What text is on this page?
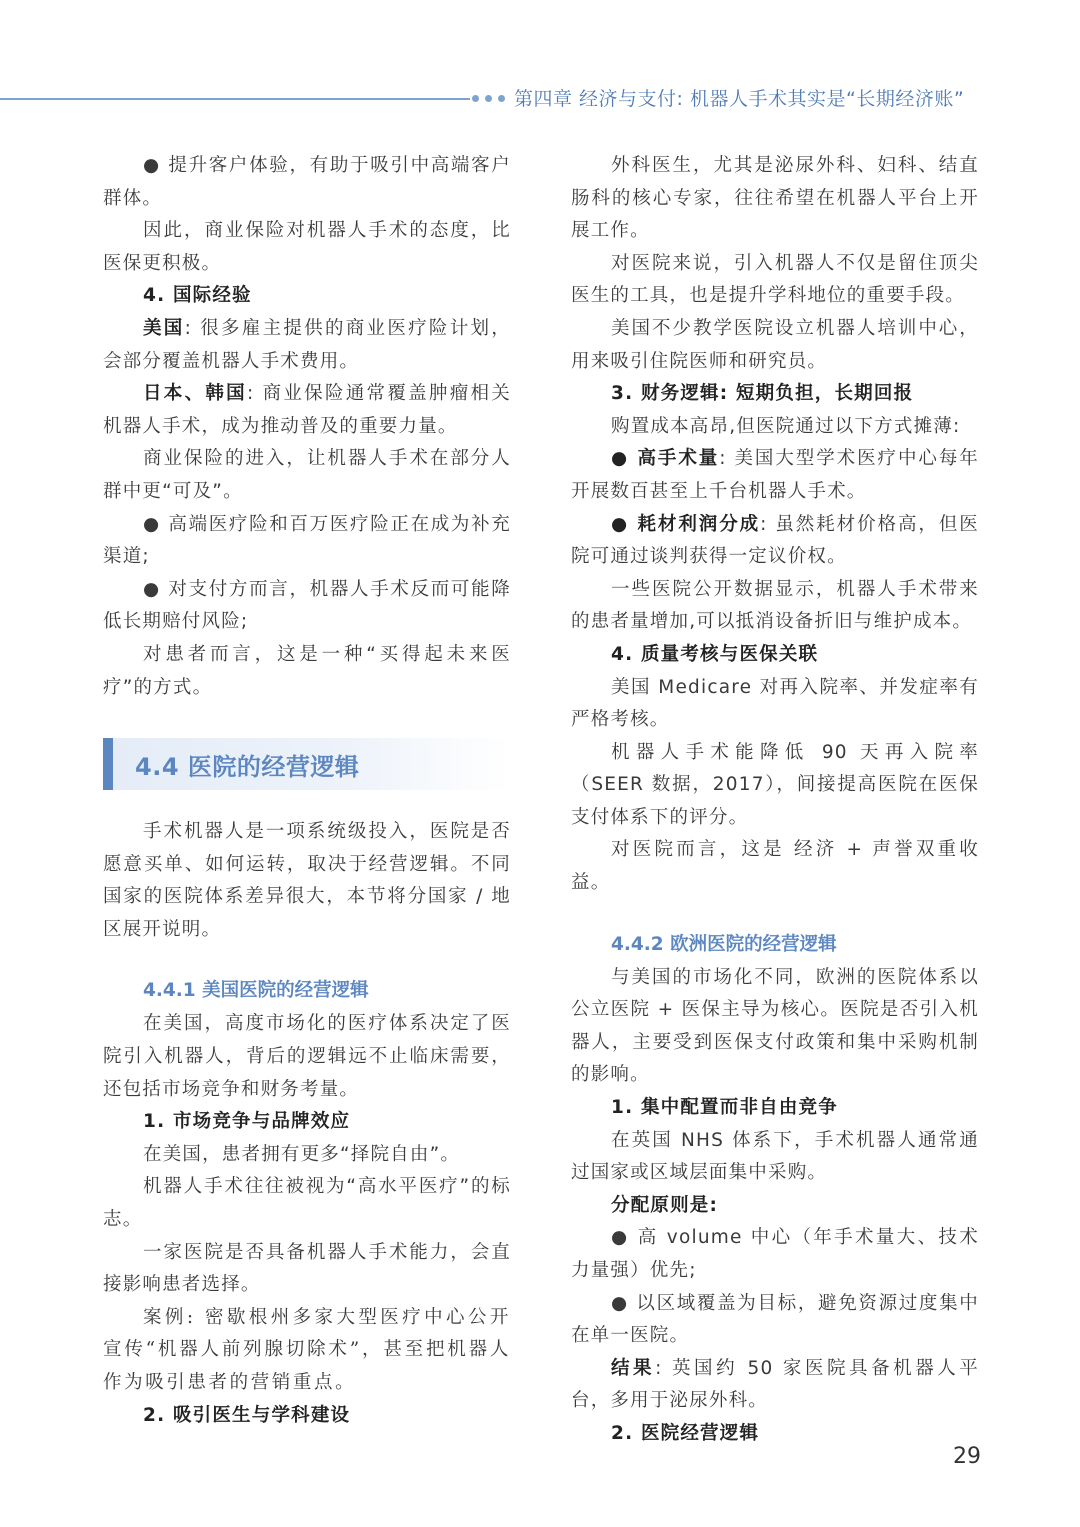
第四章 经济与支付: 机器人手术其实是“长期经济账”

● 提升客户体验，有助于吸引中高端客户群体。

因此，商业保险对机器人手术的态度，比医保更积极。

4. 国际经验

美国: 很多雇主提供的商业医疗险计划，会部分覆盖机器人手术费用。

日本、韩国: 商业保险通常覆盖肿瘤相关机器人手术，成为推动普及的重要力量。

商业保险的进入，让机器人手术在部分人群中更“可及”。

● 高端医疗险和百万医疗险正在成为补充渠道;

● 对支付方而言，机器人手术反而可能降低长期赔付风险;

对患者而言，这是一种“买得起未来医疗”的方式。

4.4 医院的经营逻辑

手术机器人是一项系统级投入，医院是否愿意买单、如何运转，取决于经营逻辑。不同国家的医院体系差异很大，本节将分国家 / 地区展开说明。

4.4.1 美国医院的经营逻辑

在美国，高度市场化的医疗体系决定了医院引入机器人，背后的逻辑远不止临床需要，还包括市场竞争和财务考量。

1. 市场竞争与品牌效应

在美国，患者拥有更多“择院自由”。

机器人手术往往被视为“高水平医疗”的标志。

一家医院是否具备机器人手术能力，会直接影响患者选择。

案例: 密歇根州多家大型医疗中心公开宣传“机器人前列腺切除术”，甚至把机器人作为吸引患者的营销重点。

2. 吸引医生与学科建设

外科医生，尤其是泌尿外科、妇科、结直肠科的核心专家，往往希望在机器人平台上开展工作。

对医院来说，引入机器人不仅是留住顶尖医生的工具，也是提升学科地位的重要手段。

美国不少教学医院设立机器人培训中心，用来吸引住院医师和研究员。

3. 财务逻辑: 短期负担，长期回报

购置成本高昂,但医院通过以下方式摊薄:

● 高手术量: 美国大型学术医疗中心每年开展数百甚至上千台机器人手术。

● 耗材利润分成: 虽然耗材价格高，但医院可通过谈判获得一定议价权。

一些医院公开数据显示，机器人手术带来的患者量增加,可以抵消设备折旧与维护成本。

4. 质量考核与医保关联

美国 Medicare 对再入院率、并发症率有严格考核。

机器人手术能降低 90 天再入院率（SEER 数据，2017），间接提高医院在医保支付体系下的评分。

对医院而言，这是 经济 + 声誉双重收益。

4.4.2 欧洲医院的经营逻辑

与美国的市场化不同，欧洲的医院体系以公立医院 + 医保主导为核心。医院是否引入机器人，主要受到医保支付政策和集中采购机制的影响。

1. 集中配置而非自由竞争

在英国 NHS 体系下，手术机器人通常通过国家或区域层面集中采购。

分配原则是:

● 高 volume 中心（年手术量大、技术力量强）优先;

● 以区域覆盖为目标，避免资源过度集中在单一医院。

结果: 英国约 50 家医院具备机器人平台，多用于泌尿外科。

2. 医院经营逻辑

29
